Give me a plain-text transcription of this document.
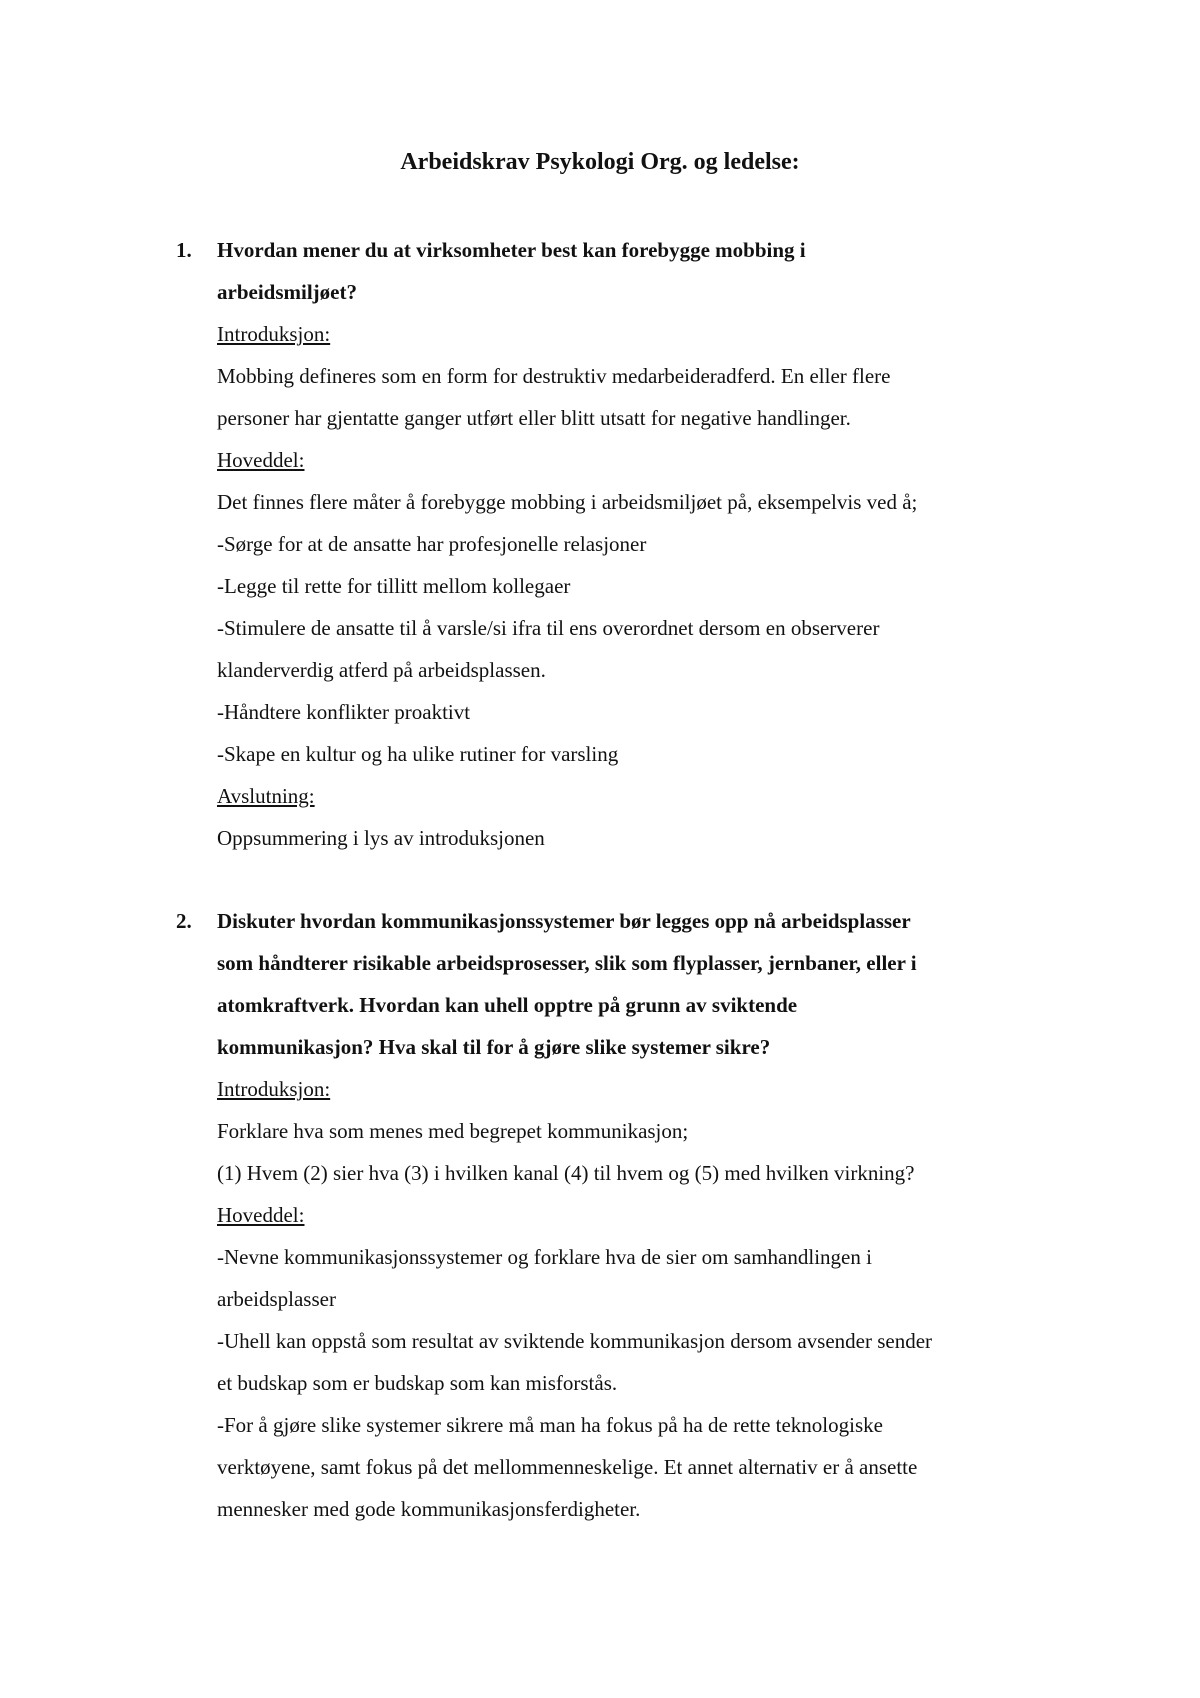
Arbeidskrav Psykologi Org. og ledelse:
1. Hvordan mener du at virksomheter best kan forebygge mobbing i
arbeidsmiljøet?
Introduksjon:
Mobbing defineres som en form for destruktiv medarbeideradferd. En eller flere
personer har gjentatte ganger utført eller blitt utsatt for negative handlinger.
Hoveddel:
Det finnes flere måter å forebygge mobbing i arbeidsmiljøet på, eksempelvis ved å;
-Sørge for at de ansatte har profesjonelle relasjoner
-Legge til rette for tillitt mellom kollegaer
-Stimulere de ansatte til å varsle/si ifra til ens overordnet dersom en observerer
klanderverdig atferd på arbeidsplassen.
-Håndtere konflikter proaktivt
-Skape en kultur og ha ulike rutiner for varsling
Avslutning:
Oppsummering i lys av introduksjonen
2. Diskuter hvordan kommunikasjonssystemer bør legges opp nå arbeidsplasser
som håndterer risikable arbeidsprosesser, slik som flyplasser, jernbaner, eller i
atomkraftverk. Hvordan kan uhell opptre på grunn av sviktende
kommunikasjon? Hva skal til for å gjøre slike systemer sikre?
Introduksjon:
Forklare hva som menes med begrepet kommunikasjon;
(1) Hvem (2) sier hva (3) i hvilken kanal (4) til hvem og (5) med hvilken virkning?
Hoveddel:
-Nevne kommunikasjonssystemer og forklare hva de sier om samhandlingen i
arbeidsplasser
-Uhell kan oppstå som resultat av sviktende kommunikasjon dersom avsender sender
et budskap som er budskap som kan misforstås.
-For å gjøre slike systemer sikrere må man ha fokus på ha de rette teknologiske
verktøyene, samt fokus på det mellommenneskelige. Et annet alternativ er å ansette
mennesker med gode kommunikasjonsferdigheter.
